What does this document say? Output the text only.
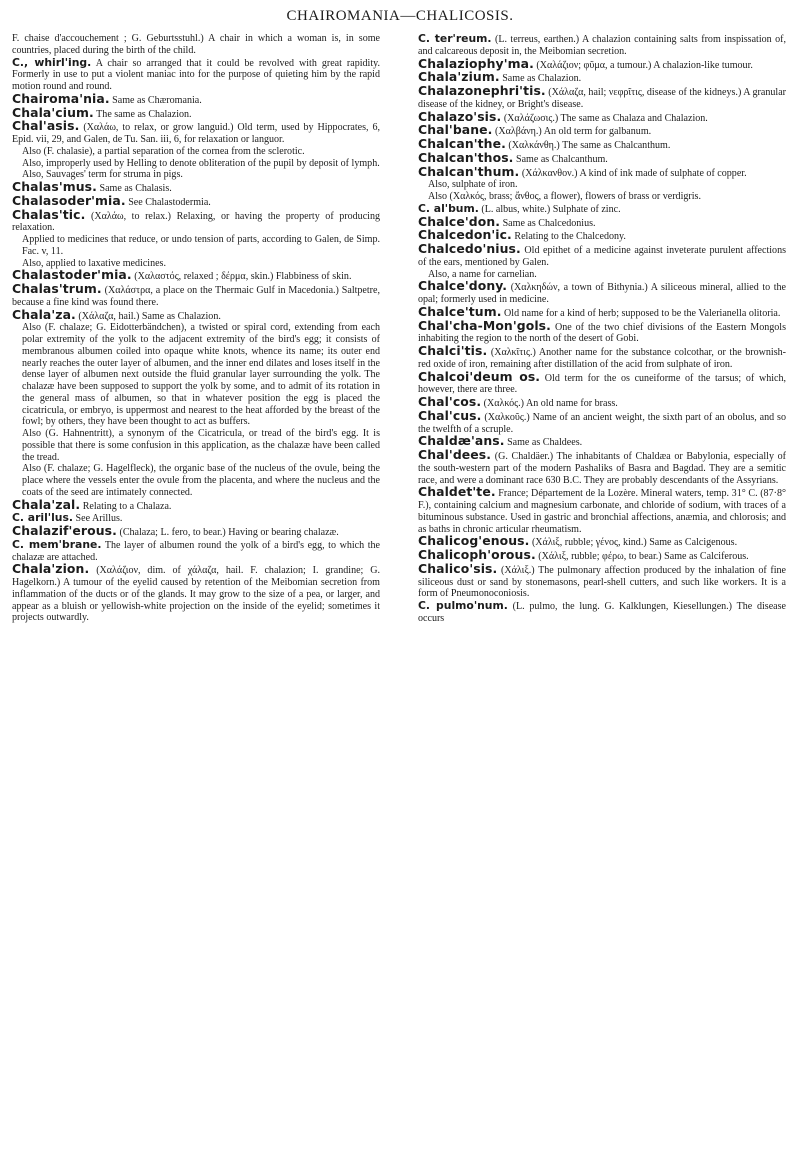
CHAIROMANIA—CHALICOSIS.

F. chaise d'accouchement ; G. Geburtsstuhl.) A chair in which a woman is, in some countries, placed during the birth of the child.

C., whirl'ing. A chair so arranged that it could be revolved with great rapidity. Formerly in use to put a violent maniac into for the purpose of quieting him by the rapid motion round and round.

Chairoma'nia. Same as Chæromania.

Chala'cium. The same as Chalazion.

Chal'asis. (Χαλάω, to relax, or grow languid.) Old term, used by Hippocrates, 6, Epid. vii, 29, and Galen, de Tu. San. iii, 6, for relaxation or languor.

Also (F. chalasie), a partial separation of the cornea from the sclerotic.

Also, improperly used by Helling to denote obliteration of the pupil by deposit of lymph.

Also, Sauvages' term for struma in pigs.

Chalas'mus. Same as Chalasis.

Chalasoder'mia. See Chalastodermia.

Chalas'tic. (Χαλάω, to relax.) Relaxing, or having the property of producing relaxation.

Applied to medicines that reduce, or undo tension of parts, according to Galen, de Simp. Fac. v, 11.

Also, applied to laxative medicines.

Chalastoder'mia. (Χαλαστός, relaxed ; δέρμα, skin.) Flabbiness of skin.

Chalas'trum. (Χαλάστρα, a place on the Thermaic Gulf in Macedonia.) Saltpetre, because a fine kind was found there.

Chala'za. (Χάλαζα, hail.) Same as Chalazion.

Also (F. chalaze; G. Eidotterbändchen), a twisted or spiral cord, extending from each polar extremity of the yolk to the adjacent extremity of the bird's egg; it consists of membranous albumen coiled into opaque white knots, whence its name; its outer end nearly reaches the outer layer of albumen, and the inner end dilates and loses itself in the dense layer of albumen next outside the fluid granular layer surrounding the yolk. The chalazæ have been supposed to support the yolk by some, and to admit of its rotation in the general mass of albumen, so that in whatever position the egg is placed the cicatricula, or embryo, is uppermost and nearest to the heat afforded by the breast of the fowl; by others, they have been thought to act as buffers.

Also (G. Hahnentritt), a synonym of the Cicatricula, or tread of the bird's egg. It is possible that there is some confusion in this application, as the chalazæ have been called the tread.

Also (F. chalaze; G. Hagelfleck), the organic base of the nucleus of the ovule, being the place where the vessels enter the ovule from the placenta, and where the nucleus and the coats of the seed are intimately connected.

Chala'zal. Relating to a Chalaza.

C. aril'lus. See Arillus.

Chalazif'erous. (Chalaza; L. fero, to bear.) Having or bearing chalazæ.

C. mem'brane. The layer of albumen round the yolk of a bird's egg, to which the chalazæ are attached.

Chala'zion. (Χαλάζιον, dim. of χάλαζα, hail. F. chalazion; I. grandine; G. Hagelkorn.) A tumour of the eyelid caused by retention of the Meibomian secretion from inflammation of the ducts or of the glands. It may grow to the size of a pea, or larger, and appear as a bluish or yellowish-white projection on the inside of the eyelid; sometimes it projects outwardly.

C. ter'reum. (L. terreus, earthen.) A chalazion containing salts from inspissation of, and calcareous deposit in, the Meibomian secretion.

Chalaziophy'ma. (Χαλάζιον; φῦμα, a tumour.) A chalazion-like tumour.

Chala'zium. Same as Chalazion.

Chalazonephri'tis. (Χάλαζα, hail; νεφρῖτις, disease of the kidneys.) A granular disease of the kidney, or Bright's disease.

Chalazo'sis. (Χαλάζωσις.) The same as Chalaza and Chalazion.

Chal'bane. (Χαλβάνη.) An old term for galbanum.

Chalcan'the. (Χαλκάνθη.) The same as Chalcanthum.

Chalcan'thos. Same as Chalcanthum.

Chalcan'thum. (Χάλκανθον.) A kind of ink made of sulphate of copper.

Also, sulphate of iron.

Also (Χαλκός, brass; ἄνθος, a flower), flowers of brass or verdigris.

C. al'bum. (L. albus, white.) Sulphate of zinc.

Chalce'don. Same as Chalcedonius.

Chalcedon'ic. Relating to the Chalcedony.

Chalcedo'nius. Old epithet of a medicine against inveterate purulent affections of the ears, mentioned by Galen.

Also, a name for carnelian.

Chalce'dony. (Χαλκηδών, a town of Bithynia.) A siliceous mineral, allied to the opal; formerly used in medicine.

Chalce'tum. Old name for a kind of herb; supposed to be the Valerianella olitoria.

Chal'cha-Mon'gols. One of the two chief divisions of the Eastern Mongols inhabiting the region to the north of the desert of Gobi.

Chalci'tis. (Χαλκῖτις.) Another name for the substance colcothar, or the brownish-red oxide of iron, remaining after distillation of the acid from sulphate of iron.

Chalcoi'deum os. Old term for the os cuneiforme of the tarsus; of which, however, there are three.

Chal'cos. (Χαλκός.) An old name for brass.

Chal'cus. (Χαλκοῦς.) Name of an ancient weight, the sixth part of an obolus, and so the twelfth of a scruple.

Chaldæ'ans. Same as Chaldees.

Chal'dees. (G. Chaldäer.) The inhabitants of Chaldæa or Babylonia, especially of the south-western part of the modern Pashaliks of Basra and Bagdad. They are a semitic race, and were a dominant race 630 B.C. They are probably descendants of the Assyrians.

Chaldet'te. France; Département de la Lozère. Mineral waters, temp. 31° C. (87·8° F.), containing calcium and magnesium carbonate, and chloride of sodium, with traces of a bituminous substance. Used in gastric and bronchial affections, anæmia, and chlorosis; and as baths in chronic articular rheumatism.

Chalicog'enous. (Χάλιξ, rubble; γένος, kind.) Same as Calcigenous.

Chalicoph'orous. (Χάλιξ, rubble; φέρω, to bear.) Same as Calciferous.

Chalico'sis. (Χάλιξ.) The pulmonary affection produced by the inhalation of fine siliceous dust or sand by stonemasons, pearl-shell cutters, and such like workers. It is a form of Pneumonoconiosis.

C. pulmo'num. (L. pulmo, the lung. G. Kalklungen, Kiesellungen.) The disease occurs
